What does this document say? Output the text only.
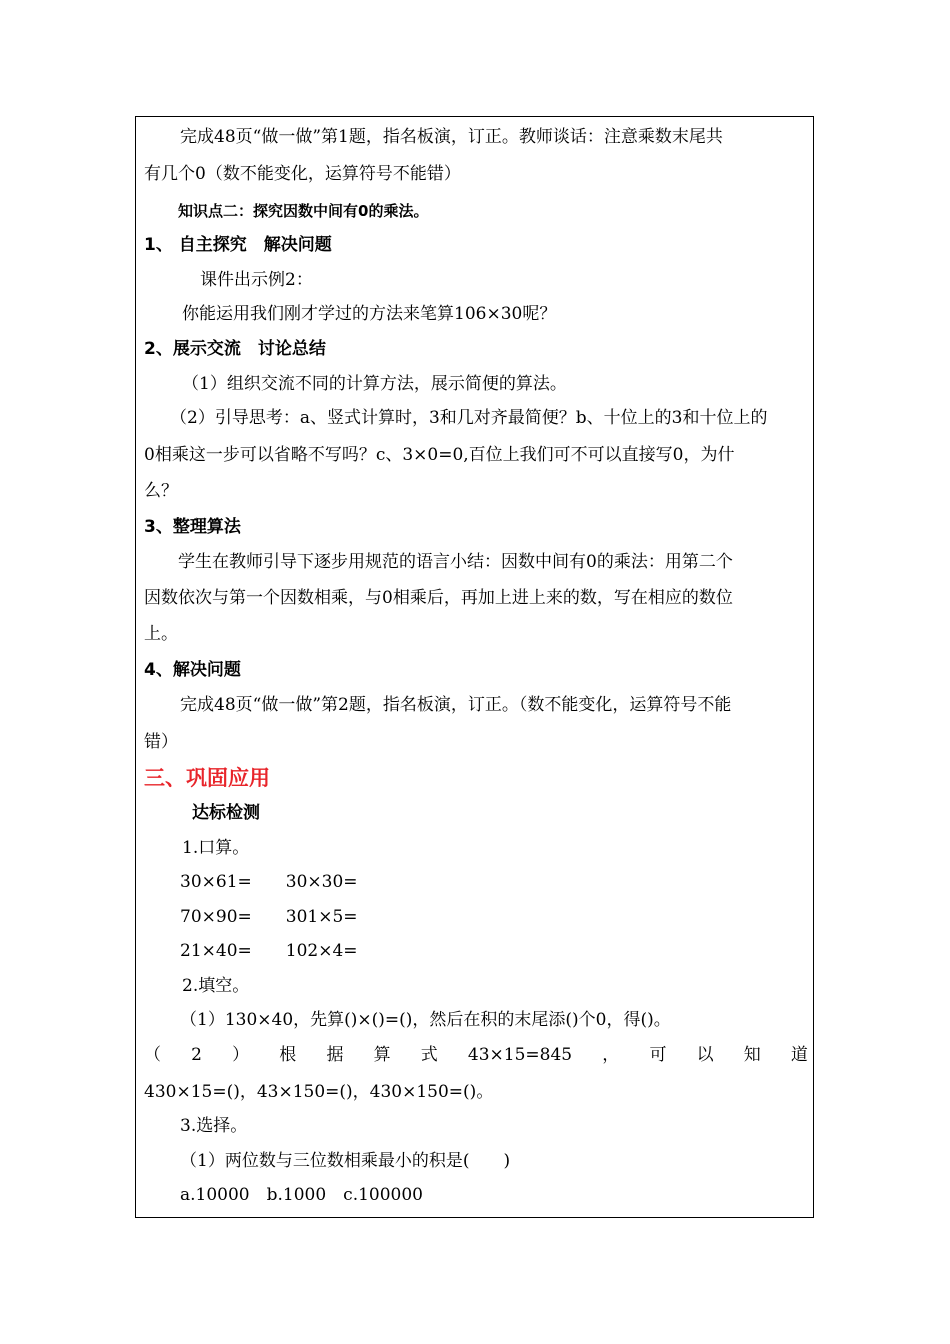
完成48页“做一做”第1题，指名板演，订正。教师谈话：注意乘数末尾共
有几个0（数不能变化，运算符号不能错）
知识点二：探究因数中间有0的乘法。
1、 自主探究　解决问题
课件出示例2：
你能运用我们刚才学过的方法来笔算106×30呢？
2、展示交流　讨论总结
（1）组织交流不同的计算方法，展示简便的算法。
（2）引导思考：a、竖式计算时，3和几对齐最简便？b、十位上的3和十位上的
0相乘这一步可以省略不写吗？c、3×0=0,百位上我们可不可以直接写0，为什
么？
3、整理算法
学生在教师引导下逐步用规范的语言小结：因数中间有0的乘法：用第二个
因数依次与第一个因数相乘，与0相乘后，再加上进上来的数，写在相应的数位
上。
4、解决问题
完成48页“做一做”第2题，指名板演，订正。（数不能变化，运算符号不能
错）
三、巩固应用
达标检测
1.口算。
30×61=　　30×30=
70×90=　　301×5=
21×40=　　102×4=
2.填空。
（1）130×40，先算()×()=()，然后在积的末尾添()个0，得()。
（ 2 ） 根 据 算 式 43×15=845 ， 可 以 知 道
430×15=()，43×150=()，430×150=()。
3.选择。
（1）两位数与三位数相乘最小的积是(　　)
a.10000　b.1000　c.100000
